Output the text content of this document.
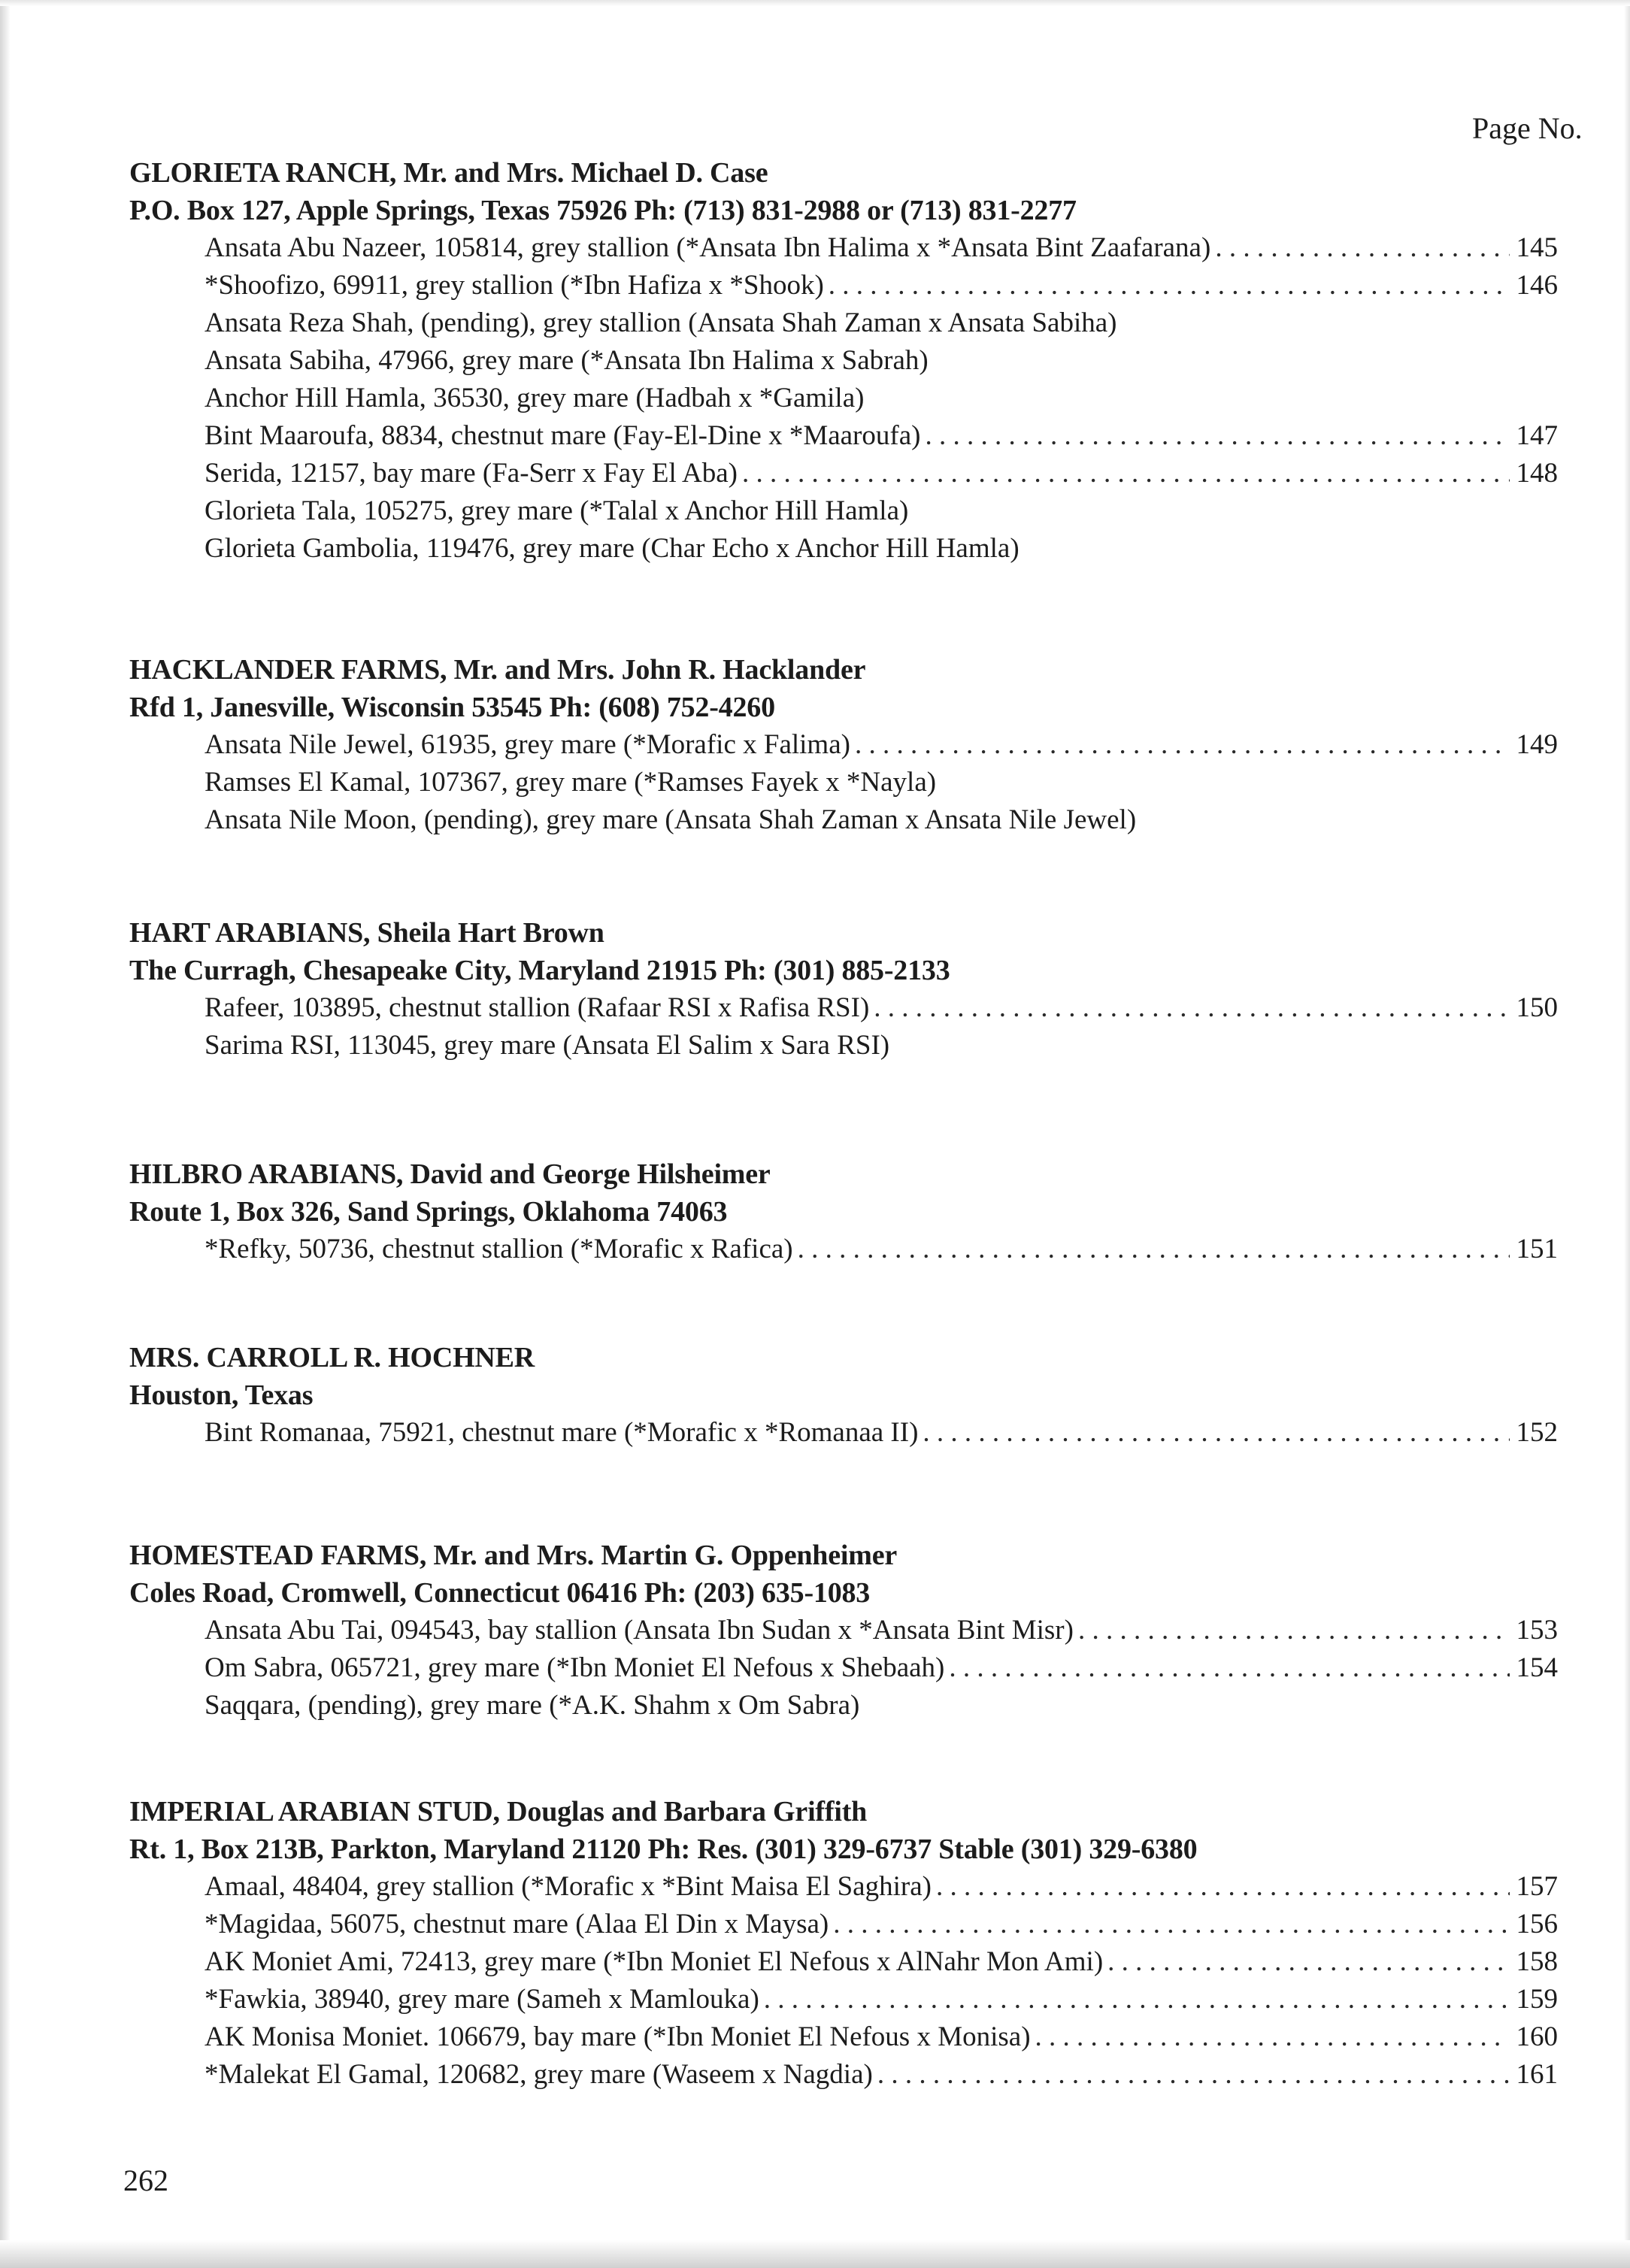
Page No.
GLORIETA RANCH, Mr. and Mrs. Michael D. Case
P.O. Box 127, Apple Springs, Texas 75926 Ph: (713) 831-2988 or (713) 831-2277
Ansata Abu Nazeer, 105814, grey stallion (*Ansata Ibn Halima x *Ansata Bint Zaafarana) . . .	145
*Shoofizo, 69911, grey stallion (*Ibn Hafiza x *Shook) . . .	146
Ansata Reza Shah, (pending), grey stallion (Ansata Shah Zaman x Ansata Sabiha)
Ansata Sabiha, 47966, grey mare (*Ansata Ibn Halima x Sabrah)
Anchor Hill Hamla, 36530, grey mare (Hadbah x *Gamila)
Bint Maaroufa, 8834, chestnut mare (Fay-El-Dine x *Maaroufa) . . .	147
Serida, 12157, bay mare (Fa-Serr x Fay El Aba) . . .	148
Glorieta Tala, 105275, grey mare (*Talal x Anchor Hill Hamla)
Glorieta Gambolia, 119476, grey mare (Char Echo x Anchor Hill Hamla)
HACKLANDER FARMS, Mr. and Mrs. John R. Hacklander
Rfd 1, Janesville, Wisconsin 53545 Ph: (608) 752-4260
Ansata Nile Jewel, 61935, grey mare (*Morafic x Falima) . . .	149
Ramses El Kamal, 107367, grey mare (*Ramses Fayek x *Nayla)
Ansata Nile Moon, (pending), grey mare (Ansata Shah Zaman x Ansata Nile Jewel)
HART ARABIANS, Sheila Hart Brown
The Curragh, Chesapeake City, Maryland 21915 Ph: (301) 885-2133
Rafeer, 103895, chestnut stallion (Rafaar RSI x Rafisa RSI) . . .	150
Sarima RSI, 113045, grey mare (Ansata El Salim x Sara RSI)
HILBRO ARABIANS, David and George Hilsheimer
Route 1, Box 326, Sand Springs, Oklahoma 74063
*Refky, 50736, chestnut stallion (*Morafic x Rafica) . . .	151
MRS. CARROLL R. HOCHNER
Houston, Texas
Bint Romanaa, 75921, chestnut mare (*Morafic x *Romanaa II) . . .	152
HOMESTEAD FARMS, Mr. and Mrs. Martin G. Oppenheimer
Coles Road, Cromwell, Connecticut 06416 Ph: (203) 635-1083
Ansata Abu Tai, 094543, bay stallion (Ansata Ibn Sudan x *Ansata Bint Misr) . . .	153
Om Sabra, 065721, grey mare (*Ibn Moniet El Nefous x Shebaah) . . .	154
Saqqara, (pending), grey mare (*A.K. Shahm x Om Sabra)
IMPERIAL ARABIAN STUD, Douglas and Barbara Griffith
Rt. 1, Box 213B, Parkton, Maryland 21120 Ph: Res. (301) 329-6737 Stable (301) 329-6380
Amaal, 48404, grey stallion (*Morafic x *Bint Maisa El Saghira) . . .	157
*Magidaa, 56075, chestnut mare (Alaa El Din x Maysa) . . .	156
AK Moniet Ami, 72413, grey mare (*Ibn Moniet El Nefous x AlNahr Mon Ami) . . .	158
*Fawkia, 38940, grey mare (Sameh x Mamlouka) . . .	159
AK Monisa Moniet. 106679, bay mare (*Ibn Moniet El Nefous x Monisa) . . .	160
*Malekat El Gamal, 120682, grey mare (Waseem x Nagdia) . . .	161
262
